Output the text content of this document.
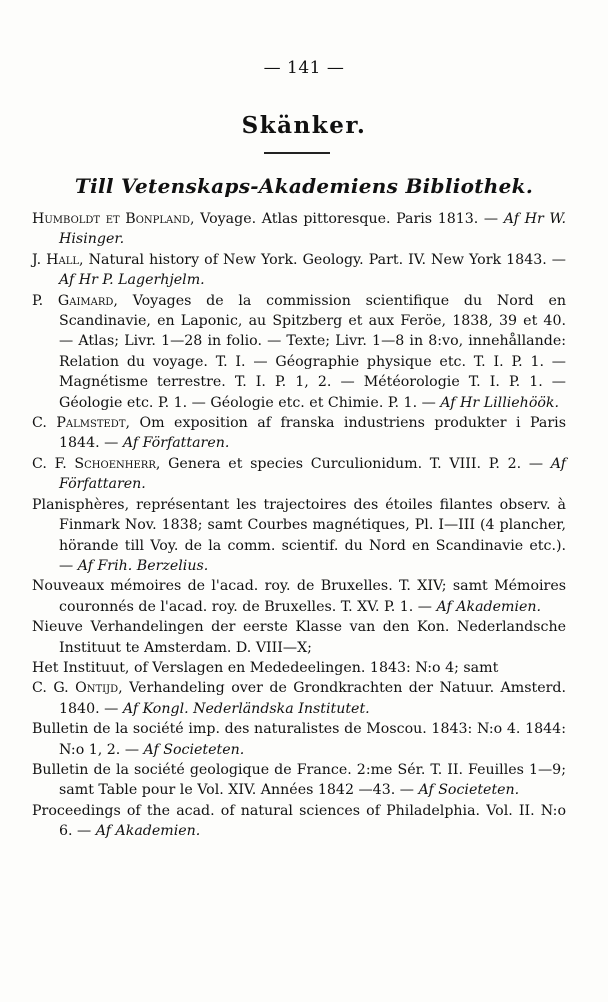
— 141 —
Skänker.
Till Vetenskaps-Akademiens Bibliothek.

Humboldt et Bonpland, Voyage. Atlas pittoresque. Paris 1813. — Af Hr W. Hisinger.

J. Hall, Natural history of New York. Geology. Part. IV. New York 1843. — Af Hr P. Lagerhjelm.

P. Gaimard, Voyages de la commission scientifique du Nord en Scandinavie, en Laponic, au Spitzberg et aux Feröe, 1838, 39 et 40. — Atlas; Livr. 1—28 in folio. — Texte; Livr. 1—8 in 8:vo, innehållande: Relation du voyage. T. I. — Géographie physique etc. T. I. P. 1. — Magnétisme terrestre. T. I. P. 1, 2. — Météorologie T. I. P. 1. — Géologie etc. P. 1. — Géologie etc. et Chimie. P. 1. — Af Hr Lilliehöök.

C. Palmstedt, Om exposition af franska industriens produkter i Paris 1844. — Af Författaren.

C. F. Schoenherr, Genera et species Curculionidum. T. VIII. P. 2. — Af Författaren.

Planisphères, représentant les trajectoires des étoiles filantes observ. à Finmark Nov. 1838; samt Courbes magnétiques, Pl. I—III (4 plancher, hörande till Voy. de la comm. scientif. du Nord en Scandinavie etc.). — Af Frih. Berzelius.

Nouveaux mémoires de l'acad. roy. de Bruxelles. T. XIV; samt Mémoires couronnés de l'acad. roy. de Bruxelles. T. XV. P. 1. — Af Akademien.

Nieuve Verhandelingen der eerste Klasse van den Kon. Nederlandsche Instituut te Amsterdam. D. VIII—X;

Het Instituut, of Verslagen en Mededeelingen. 1843: N:o 4; samt

C. G. Ontijd, Verhandeling over de Grondkrachten der Natuur. Amsterd. 1840. — Af Kongl. Nederländska Institutet.

Bulletin de la société imp. des naturalistes de Moscou. 1843: N:o 4. 1844: N:o 1, 2. — Af Societeten.

Bulletin de la société geologique de France. 2:me Sér. T. II. Feuilles 1—9; samt Table pour le Vol. XIV. Années 1842 —43. — Af Societeten.

Proceedings of the acad. of natural sciences of Philadelphia. Vol. II. N:o 6. — Af Akademien.
